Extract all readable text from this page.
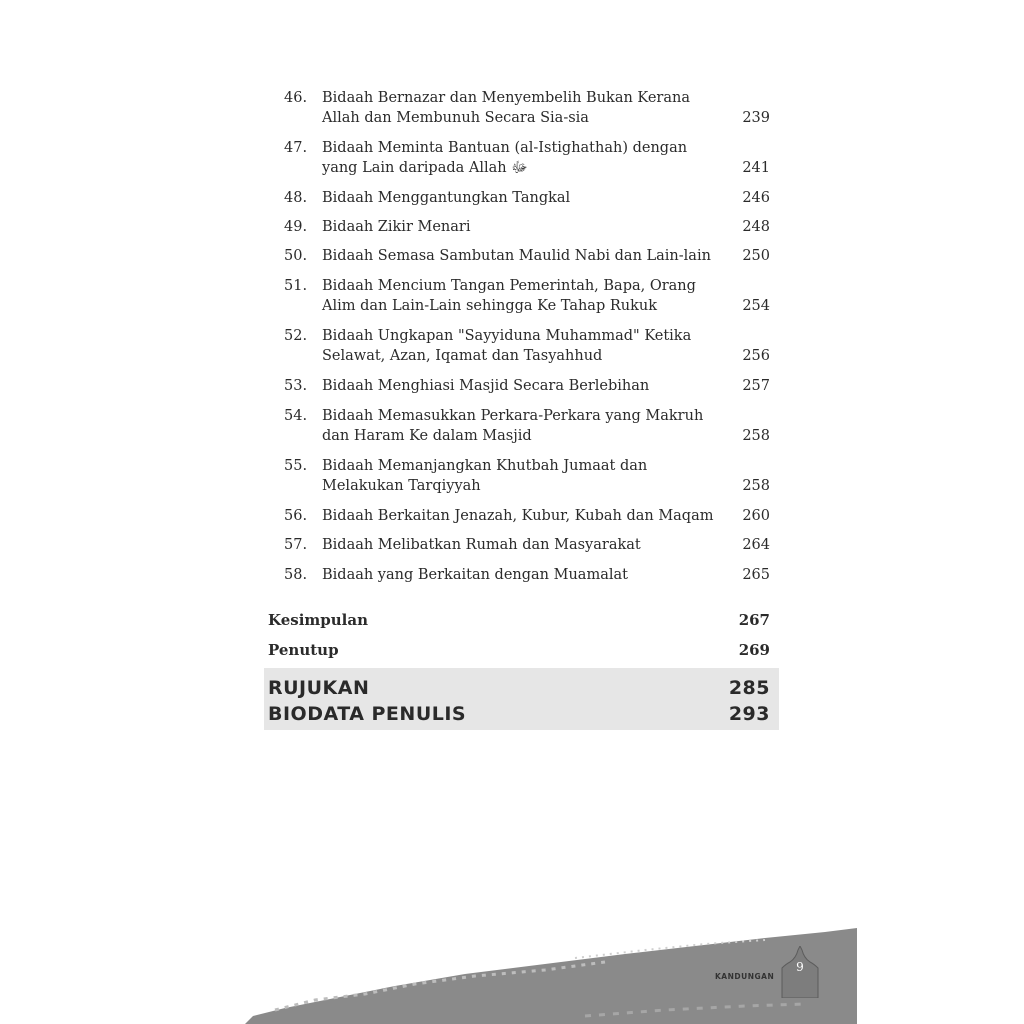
46.	Bidaah Bernazar dan Menyembelih Bukan Kerana
Allah dan Membunuh Secara Sia-sia	239
47.	Bidaah Meminta Bantuan (al-Istighathah) dengan
yang Lain daripada Allah ﷻ	241
48.	Bidaah Menggantungkan Tangkal	246
49.	Bidaah Zikir Menari	248
50.	Bidaah Semasa Sambutan Maulid Nabi dan Lain-lain	250
51.	Bidaah Mencium Tangan Pemerintah, Bapa, Orang
Alim dan Lain-Lain sehingga Ke Tahap Rukuk	254
52.	Bidaah Ungkapan "Sayyiduna Muhammad" Ketika
Selawat, Azan, Iqamat dan Tasyahhud	256
53.	Bidaah Menghiasi Masjid Secara Berlebihan	257
54.	Bidaah Memasukkan Perkara-Perkara yang Makruh
dan Haram Ke dalam Masjid	258
55.	Bidaah Memanjangkan Khutbah Jumaat dan
Melakukan Tarqiyyah	258
56.	Bidaah Berkaitan Jenazah, Kubur, Kubah dan Maqam	260
57.	Bidaah Melibatkan Rumah dan Masyarakat	264
58.	Bidaah yang Berkaitan dengan Muamalat	265
Kesimpulan	267
Penutup	269
RUJUKAN	285
BIODATA PENULIS	293
KANDUNGAN
9
